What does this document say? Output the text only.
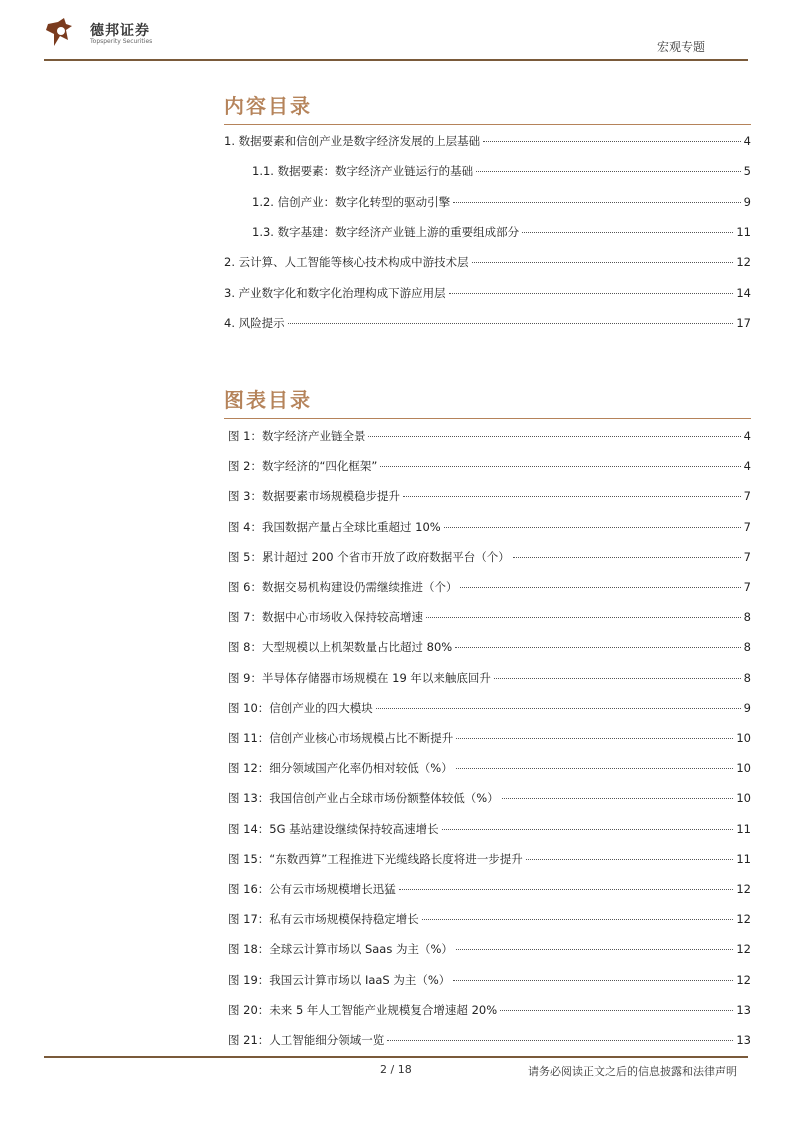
德邦证券
Topsperity Securities	宏观专题
内容目录
1. 数据要素和信创产业是数字经济发展的上层基础	4
1.1. 数据要素：数字经济产业链运行的基础	5
1.2. 信创产业：数字化转型的驱动引擎	9
1.3. 数字基建：数字经济产业链上游的重要组成部分	11
2. 云计算、人工智能等核心技术构成中游技术层	12
3. 产业数字化和数字化治理构成下游应用层	14
4. 风险提示	17
图表目录
图 1：数字经济产业链全景	4
图 2：数字经济的“四化框架”	4
图 3：数据要素市场规模稳步提升	7
图 4：我国数据产量占全球比重超过 10%	7
图 5：累计超过 200 个省市开放了政府数据平台（个）	7
图 6：数据交易机构建设仍需继续推进（个）	7
图 7：数据中心市场收入保持较高增速	8
图 8：大型规模以上机架数量占比超过 80%	8
图 9：半导体存储器市场规模在 19 年以来触底回升	8
图 10：信创产业的四大模块	9
图 11：信创产业核心市场规模占比不断提升	10
图 12：细分领域国产化率仍相对较低（%）	10
图 13：我国信创产业占全球市场份额整体较低（%）	10
图 14：5G 基站建设继续保持较高速增长	11
图 15：“东数西算”工程推进下光缆线路长度将进一步提升	11
图 16：公有云市场规模增长迅猛	12
图 17：私有云市场规模保持稳定增长	12
图 18：全球云计算市场以 Saas 为主（%）	12
图 19：我国云计算市场以 IaaS 为主（%）	12
图 20：未来 5 年人工智能产业规模复合增速超 20%	13
图 21：人工智能细分领域一览	13
2 / 18	请务必阅读正文之后的信息披露和法律声明
